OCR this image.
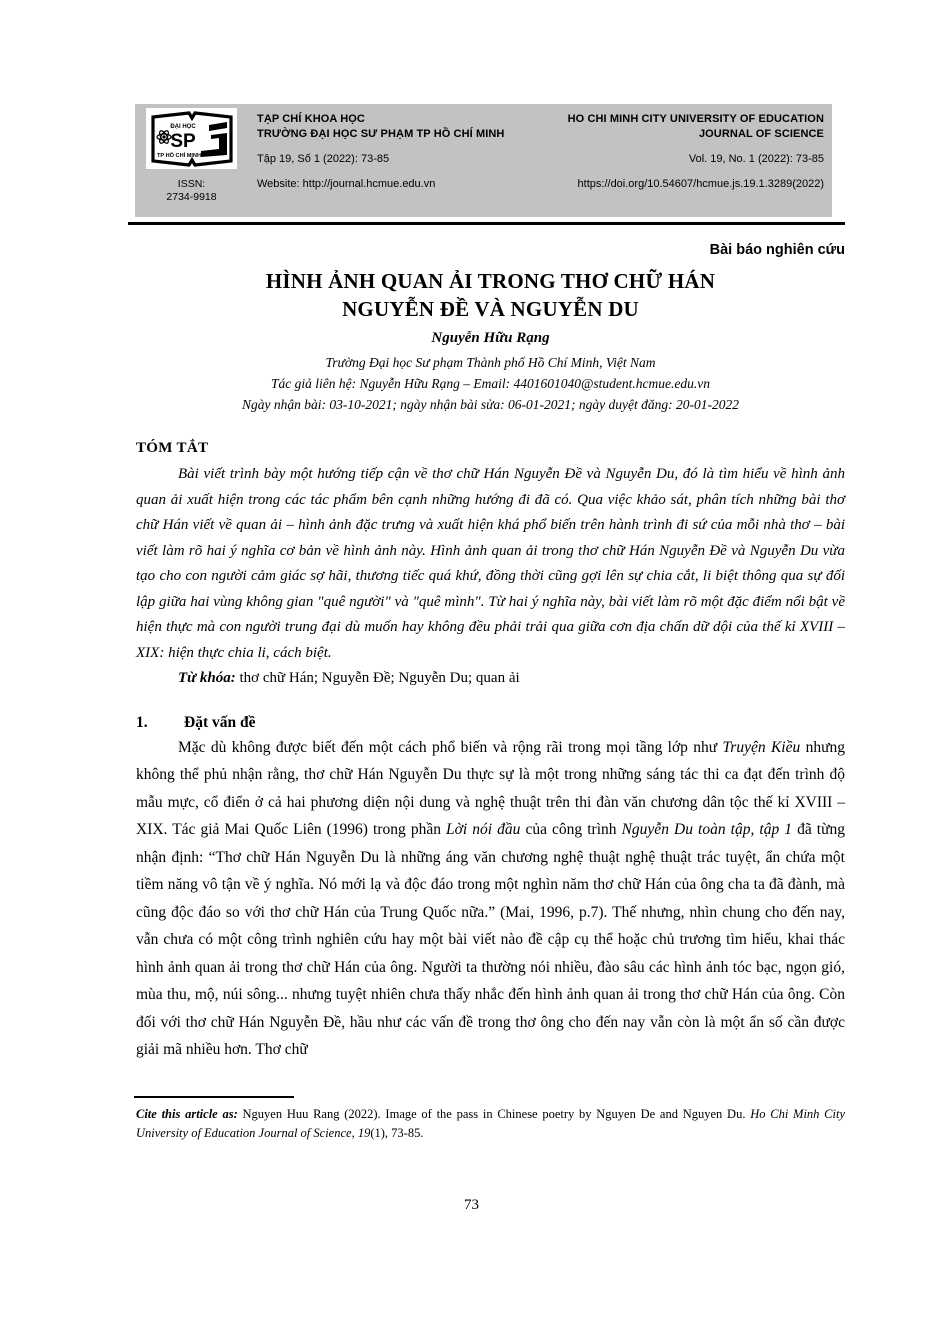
ĐẠI HỌC
SP
TP HỒ CHÍ MINH
ISSN:
2734-9918
TẠP CHÍ KHOA HỌC
TRƯỜNG ĐẠI HỌC SƯ PHẠM TP HỒ CHÍ MINH
HO CHI MINH CITY UNIVERSITY OF EDUCATION
JOURNAL OF SCIENCE
Tập 19, Số 1 (2022): 73-85	Vol. 19, No. 1 (2022): 73-85
Website: http://journal.hcmue.edu.vn	https://doi.org/10.54607/hcmue.js.19.1.3289(2022)
Bài báo nghiên cứu
HÌNH ẢNH QUAN ẢI TRONG THƠ CHỮ HÁN
NGUYỄN ĐỀ VÀ NGUYỄN DU
Nguyễn Hữu Rạng
Trường Đại học Sư phạm Thành phố Hồ Chí Minh, Việt Nam
Tác giả liên hệ: Nguyễn Hữu Rạng – Email: 4401601040@student.hcmue.edu.vn
Ngày nhận bài: 03-10-2021; ngày nhận bài sửa: 06-01-2021; ngày duyệt đăng: 20-01-2022
TÓM TẮT
Bài viết trình bày một hướng tiếp cận về thơ chữ Hán Nguyễn Đề và Nguyễn Du, đó là tìm hiểu về hình ảnh quan ải xuất hiện trong các tác phẩm bên cạnh những hướng đi đã có. Qua việc khảo sát, phân tích những bài thơ chữ Hán viết về quan ải – hình ảnh đặc trưng và xuất hiện khá phổ biến trên hành trình đi sứ của mỗi nhà thơ – bài viết làm rõ hai ý nghĩa cơ bản về hình ảnh này. Hình ảnh quan ải trong thơ chữ Hán Nguyễn Đề và Nguyễn Du vừa tạo cho con người cảm giác sợ hãi, thương tiếc quá khứ, đồng thời cũng gợi lên sự chia cắt, li biệt thông qua sự đối lập giữa hai vùng không gian "quê người" và "quê mình". Từ hai ý nghĩa này, bài viết làm rõ một đặc điểm nổi bật về hiện thực mà con người trung đại dù muốn hay không đều phải trải qua giữa cơn địa chấn dữ dội của thế kỉ XVIII – XIX: hiện thực chia li, cách biệt.
Từ khóa: thơ chữ Hán; Nguyễn Đề; Nguyễn Du; quan ải
1.	Đặt vấn đề
Mặc dù không được biết đến một cách phổ biến và rộng rãi trong mọi tầng lớp như Truyện Kiều nhưng không thể phủ nhận rằng, thơ chữ Hán Nguyễn Du thực sự là một trong những sáng tác thi ca đạt đến trình độ mẫu mực, cổ điển ở cả hai phương diện nội dung và nghệ thuật trên thi đàn văn chương dân tộc thế kỉ XVIII – XIX. Tác giả Mai Quốc Liên (1996) trong phần Lời nói đầu của công trình Nguyễn Du toàn tập, tập 1 đã từng nhận định: “Thơ chữ Hán Nguyễn Du là những áng văn chương nghệ thuật nghệ thuật trác tuyệt, ẩn chứa một tiềm năng vô tận về ý nghĩa. Nó mới lạ và độc đáo trong một nghìn năm thơ chữ Hán của ông cha ta đã đành, mà cũng độc đáo so với thơ chữ Hán của Trung Quốc nữa.” (Mai, 1996, p.7). Thế nhưng, nhìn chung cho đến nay, vẫn chưa có một công trình nghiên cứu hay một bài viết nào đề cập cụ thể hoặc chủ trương tìm hiểu, khai thác hình ảnh quan ải trong thơ chữ Hán của ông. Người ta thường nói nhiều, đào sâu các hình ảnh tóc bạc, ngọn gió, mùa thu, mộ, núi sông... nhưng tuyệt nhiên chưa thấy nhắc đến hình ảnh quan ải trong thơ chữ Hán của ông. Còn đối với thơ chữ Hán Nguyễn Đề, hầu như các vấn đề trong thơ ông cho đến nay vẫn còn là một ẩn số cần được giải mã nhiều hơn. Thơ chữ
Cite this article as: Nguyen Huu Rang (2022). Image of the pass in Chinese poetry by Nguyen De and Nguyen Du. Ho Chi Minh City University of Education Journal of Science, 19(1), 73-85.
73
